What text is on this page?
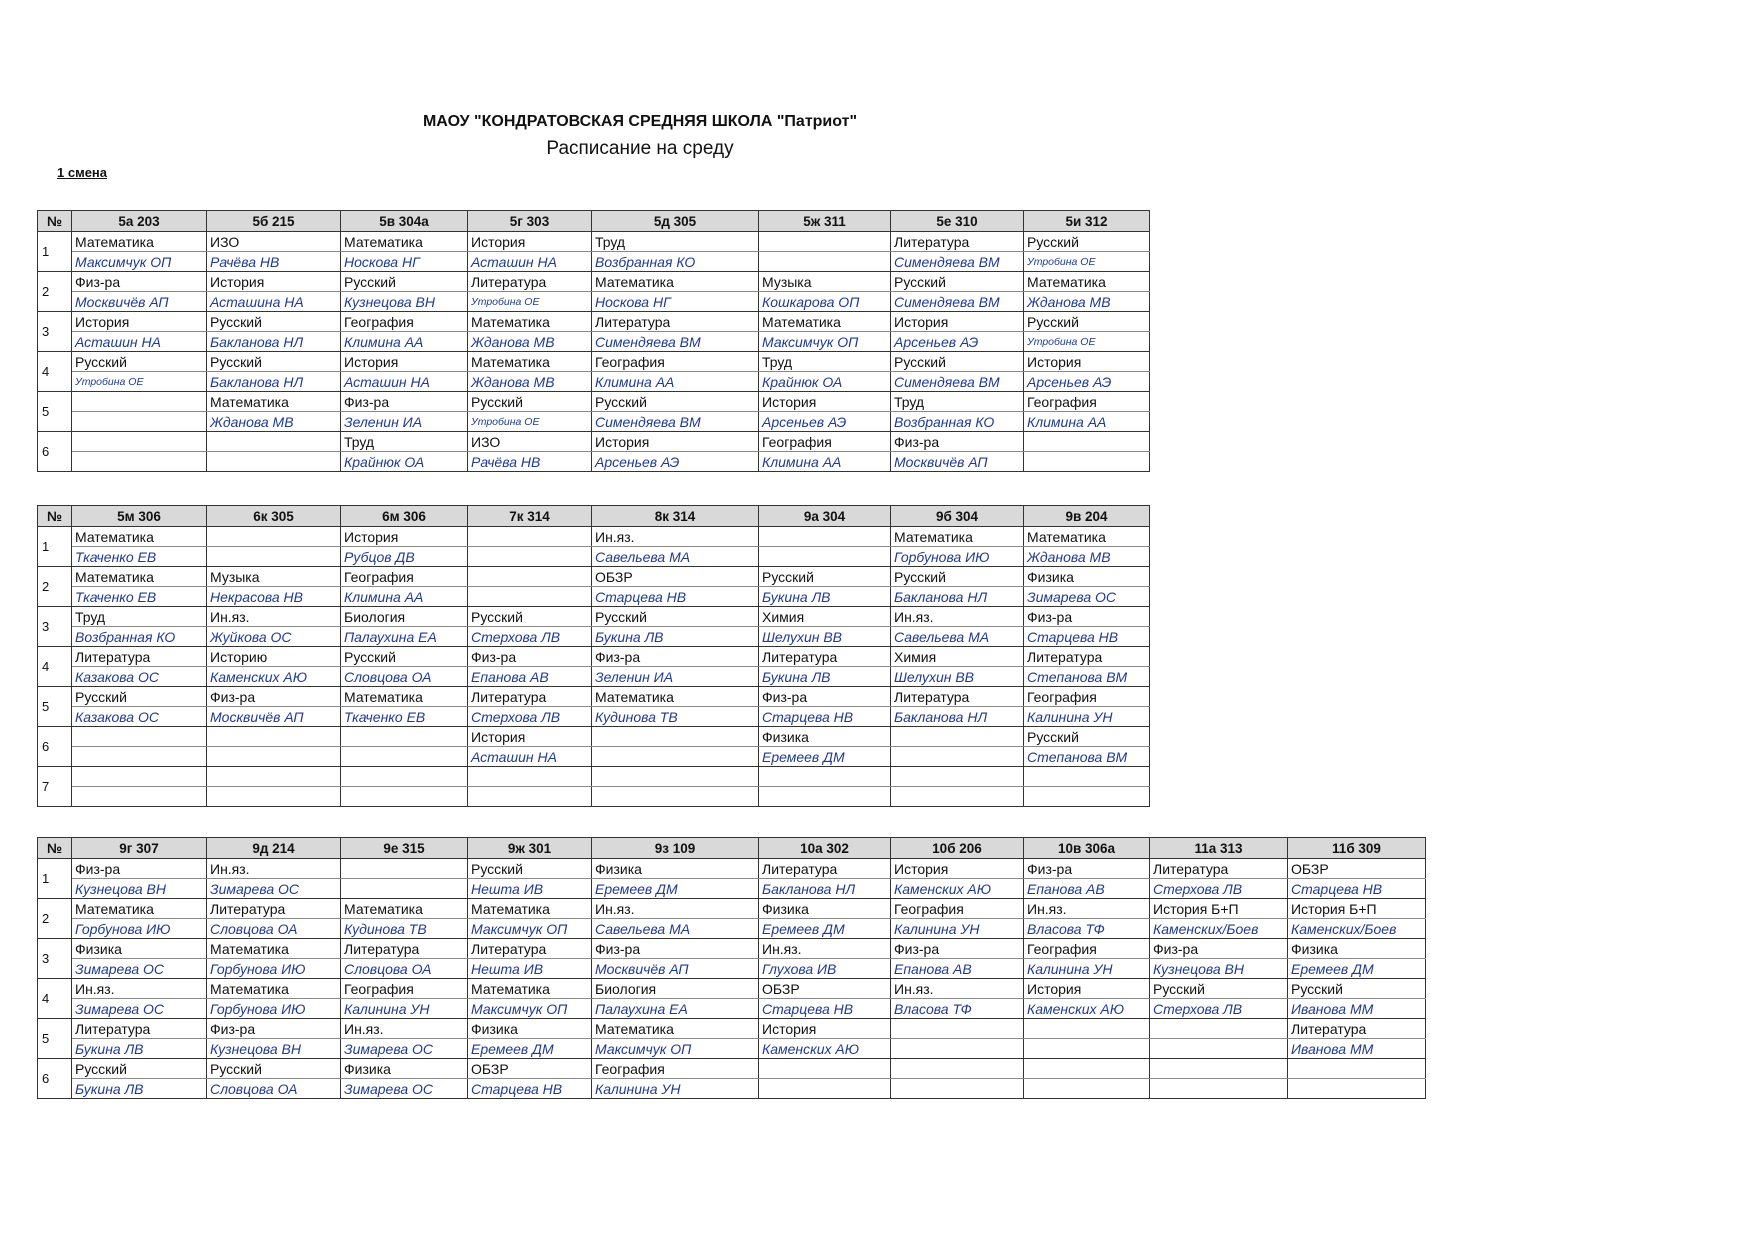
МАОУ "КОНДРАТОВСКАЯ СРЕДНЯЯ ШКОЛА "Патриот"
Расписание на среду
1 смена
№	5а 203	5б 215	5в 304а	5г 303	5д 305	5ж 311	5е 310	5и 312
1	Математика	ИЗО	Математика	История	Труд		Литература	Русский
	Максимчук ОП	Рачёва НВ	Носкова НГ	Асташин НА	Возбранная КО		Симендяева ВМ	Утробина ОЕ
2	Физ-ра	История	Русский	Литература	Математика	Музыка	Русский	Математика
	Москвичёв АП	Асташина НА	Кузнецова ВН	Утробина ОЕ	Носкова НГ	Кошкарова ОП	Симендяева ВМ	Жданова МВ
3	История	Русский	География	Математика	Литература	Математика	История	Русский
	Асташин НА	Бакланова НЛ	Климина АА	Жданова МВ	Симендяева ВМ	Максимчук ОП	Арсеньев АЭ	Утробина ОЕ
4	Русский	Русский	История	Математика	География	Труд	Русский	История
	Утробина ОЕ	Бакланова НЛ	Асташин НА	Жданова МВ	Климина АА	Крайнюк ОА	Симендяева ВМ	Арсеньев АЭ
5		Математика	Физ-ра	Русский	Русский	История	Труд	География
		Жданова МВ	Зеленин ИА	Утробина ОЕ	Симендяева ВМ	Арсеньев АЭ	Возбранная КО	Климина АА
6			Труд	ИЗО	История	География	Физ-ра	
			Крайнюк ОА	Рачёва НВ	Арсеньев АЭ	Климина АА	Москвичёв АП	
№	5м 306	6к 305	6м 306	7к 314	8к 314	9а 304	9б 304	9в 204
1	Математика		История		Ин.яз.		Математика	Математика
	Ткаченко ЕВ		Рубцов ДВ		Савельева МА		Горбунова ИЮ	Жданова МВ
2	Математика	Музыка	География		ОБЗР	Русский	Русский	Физика
	Ткаченко ЕВ	Некрасова НВ	Климина АА		Старцева НВ	Букина ЛВ	Бакланова НЛ	Зимарева ОС
3	Труд	Ин.яз.	Биология	Русский	Русский	Химия	Ин.яз.	Физ-ра
	Возбранная КО	Жуйкова ОС	Палаухина ЕА	Стерхова ЛВ	Букина ЛВ	Шелухин ВВ	Савельева МА	Старцева НВ
4	Литература	Историю	Русский	Физ-ра	Физ-ра	Литература	Химия	Литература
	Казакова ОС	Каменских АЮ	Словцова ОА	Епанова АВ	Зеленин ИА	Букина ЛВ	Шелухин ВВ	Степанова ВМ
5	Русский	Физ-ра	Математика	Литература	Математика	Физ-ра	Литература	География
	Казакова ОС	Москвичёв АП	Ткаченко ЕВ	Стерхова ЛВ	Кудинова ТВ	Старцева НВ	Бакланова НЛ	Калинина УН
6				История		Физика		Русский
				Асташин НА		Еремеев ДМ		Степанова ВМ
7								

№	9г 307	9д 214	9е 315	9ж 301	9з 109	10а 302	10б 206	10в 306а	11а 313	11б 309
1	Физ-ра	Ин.яз.		Русский	Физика	Литература	История	Физ-ра	Литература	ОБЗР
	Кузнецова ВН	Зимарева ОС		Нешта ИВ	Еремеев ДМ	Бакланова НЛ	Каменских АЮ	Епанова АВ	Стерхова ЛВ	Старцева НВ
2	Математика	Литература	Математика	Математика	Ин.яз.	Физика	География	Ин.яз.	История Б+П	История Б+П
	Горбунова ИЮ	Словцова ОА	Кудинова ТВ	Максимчук ОП	Савельева МА	Еремеев ДМ	Калинина УН	Власова ТФ	Каменских/Боев	Каменских/Боев
3	Физика	Математика	Литература	Литература	Физ-ра	Ин.яз.	Физ-ра	География	Физ-ра	Физика
	Зимарева ОС	Горбунова ИЮ	Словцова ОА	Нешта ИВ	Москвичёв АП	Глухова ИВ	Епанова АВ	Калинина УН	Кузнецова ВН	Еремеев ДМ
4	Ин.яз.	Математика	География	Математика	Биология	ОБЗР	Ин.яз.	История	Русский	Русский
	Зимарева ОС	Горбунова ИЮ	Калинина УН	Максимчук ОП	Палаухина ЕА	Старцева НВ	Власова ТФ	Каменских АЮ	Стерхова ЛВ	Иванова ММ
5	Литература	Физ-ра	Ин.яз.	Физика	Математика	История				Литература
	Букина ЛВ	Кузнецова ВН	Зимарева ОС	Еремеев ДМ	Максимчук ОП	Каменских АЮ				Иванова ММ
6	Русский	Русский	Физика	ОБЗР	География					
	Букина ЛВ	Словцова ОА	Зимарева ОС	Старцева НВ	Калинина УН					
